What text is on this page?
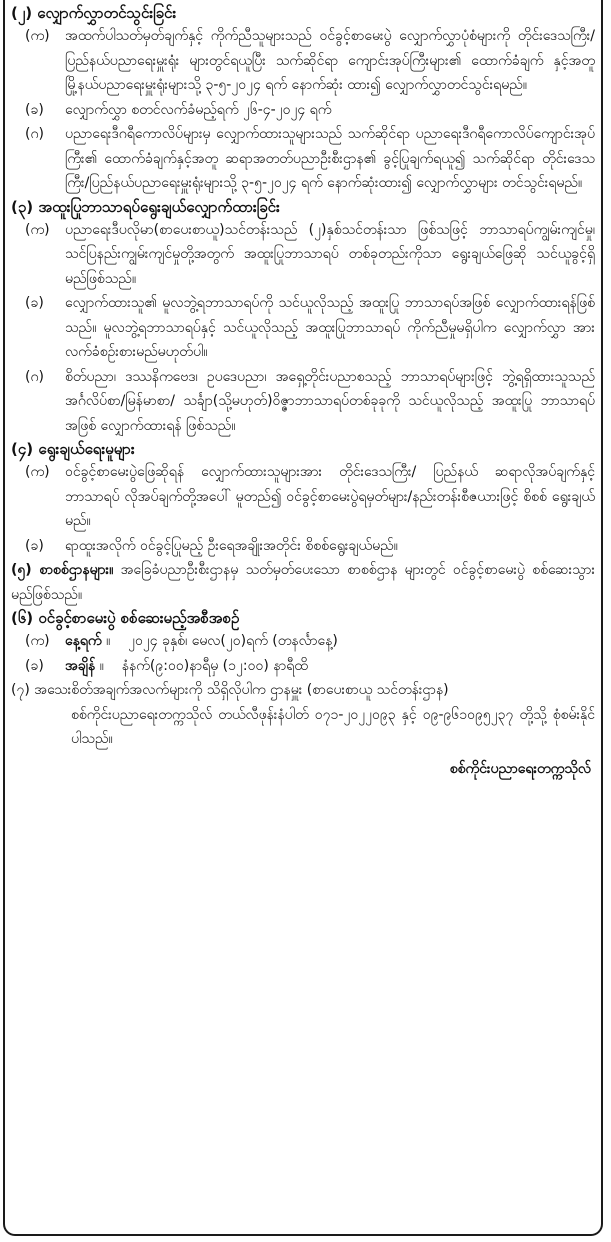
(၂) လျှောက်လွှာတင်သွင်းခြင်း
(က)	အထက်ပါသတ်မှတ်ချက်နှင့် ကိုက်ညီသူများသည် ဝင်ခွင့်စာမေးပွဲ လျှောက်လွှာပုံစံများကို တိုင်းဒေသကြီး/ပြည်နယ်ပညာရေးမှူးရုံး များတွင်ရယူပြီး သက်ဆိုင်ရာ ကျောင်းအုပ်ကြီးများ၏ ထောက်ခံချက် နှင့်အတူ မြို့နယ်ပညာရေးမှူးရုံးများသို့ ၃-၅-၂၀၂၄ ရက် နောက်ဆုံး ထား၍ လျှောက်လွှာတင်သွင်းရမည်။
(ခ)	လျှောက်လွှာ စတင်လက်ခံမည့်ရက် ၂၆-၄-၂၀၂၄ ရက်
(ဂ)	ပညာရေးဒီဂရီကောလိပ်များမှ လျှောက်ထားသူများသည် သက်ဆိုင်ရာ ပညာရေးဒီဂရီကောလိပ်ကျောင်းအုပ်ကြီး၏ ထောက်ခံချက်နှင့်အတူ ဆရာအတတ်ပညာဦးစီးဌာန၏ ခွင့်ပြုချက်ရယူ၍ သက်ဆိုင်ရာ တိုင်းဒေသကြီး/ပြည်နယ်ပညာရေးမှူးရုံးများသို့ ၃-၅-၂၀၂၄ ရက် နောက်ဆုံးထား၍ လျှောက်လွှာများ တင်သွင်းရမည်။
(၃) အထူးပြုဘာသာရပ်ရွေးချယ်လျှောက်ထားခြင်း
(က)	ပညာရေးဒီပလိုမာ(စာပေးစာယူ)သင်တန်းသည် (၂)နှစ်သင်တန်းသာ ဖြစ်သဖြင့် ဘာသာရပ်ကျွမ်းကျင်မှု၊ သင်ပြနည်းကျွမ်းကျင်မှုတို့အတွက် အထူးပြုဘာသာရပ် တစ်ခုတည်းကိုသာ ရွေးချယ်ဖြေဆို သင်ယူခွင့်ရှိ မည်ဖြစ်သည်။
(ခ)	လျှောက်ထားသူ၏ မူလဘွဲ့ရဘာသာရပ်ကို သင်ယူလိုသည့် အထူးပြု ဘာသာရပ်အဖြစ် လျှောက်ထားရန်ဖြစ်သည်။ မူလဘွဲ့ရဘာသာရပ်နှင့် သင်ယူလိုသည့် အထူးပြုဘာသာရပ် ကိုက်ညီမှုမရှိပါက လျှောက်လွှာ အား လက်ခံစဉ်းစားမည်မဟုတ်ပါ။
(ဂ)	စိတ်ပညာ၊ ဒဿနိကဗေဒ၊ ဥပဒေပညာ၊ အရှေ့တိုင်းပညာစသည့် ဘာသာရပ်များဖြင့် ဘွဲ့ရရှိထားသူသည် အင်္ဂလိပ်စာ/မြန်မာစာ/ သင်္ချာ(သို့မဟုတ်)ဝိဇ္ဇာဘာသာရပ်တစ်ခုခုကို သင်ယူလိုသည့် အထူးပြု ဘာသာရပ်အဖြစ် လျှောက်ထားရန် ဖြစ်သည်။
(၄) ရွေးချယ်ရေးမူများ
(က)	ဝင်ခွင့်စာမေးပွဲဖြေဆိုရန် လျှောက်ထားသူများအား တိုင်းဒေသကြီး/ ပြည်နယ် ဆရာလိုအပ်ချက်နှင့် ဘာသာရပ် လိုအပ်ချက်တို့အပေါ် မူတည်၍ ဝင်ခွင့်စာမေးပွဲရမှတ်များ/နည်းတန်းစီဇယားဖြင့် စိစစ် ရွေးချယ်မည်။
(ခ)	ရာထူးအလိုက် ဝင်ခွင့်ပြုမည့် ဦးရေအချိုးအတိုင်း စိစစ်ရွေးချယ်မည်။
(၅) စာစစ်ဌာနများ။ အခြေခံပညာဦးစီးဌာနမှ သတ်မှတ်ပေးသော စာစစ်ဌာန များတွင် ဝင်ခွင့်စာမေးပွဲ စစ်ဆေးသွားမည်ဖြစ်သည်။
(၆) ဝင်ခွင့်စာမေးပွဲ စစ်ဆေးမည့်အစီအစဉ်
(က)	နေ့ရက် ။ ၂၀၂၄ ခုနှစ်၊ မေလ(၂၀)ရက် (တနင်္လာနေ့)
(ခ)	အချိန် ။ နံနက်(၉:၀၀)နာရီမှ (၁၂:၀၀) နာရီထိ
(၇) အသေးစိတ်အချက်အလက်များကို သိရှိလိုပါက ဌာနမှူး (စာပေးစာယူ သင်တန်းဌာန)
စစ်ကိုင်းပညာရေးတက္ကသိုလ် တယ်လီဖုန်းနံပါတ် ၀၇၁-၂၀၂၂၀၉၃ နှင့် ၀၉-၉၆၁၀၉၅၂၃၇ တို့သို့ စုံစမ်းနိုင်ပါသည်။
စစ်ကိုင်းပညာရေးတက္ကသိုလ်
